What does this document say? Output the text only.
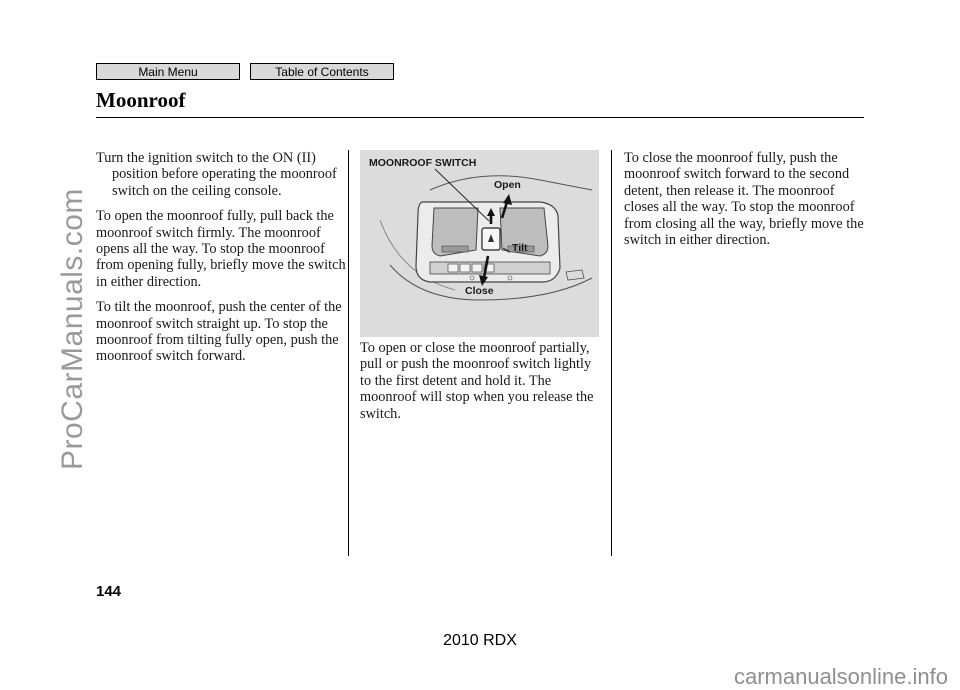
Main Menu	Table of Contents
Moonroof

Turn the ignition switch to the ON (II) position before operating the moonroof switch on the ceiling console.

To open the moonroof fully, pull back the moonroof switch firmly. The moonroof opens all the way. To stop the moonroof from opening fully, briefly move the switch in either direction.

To tilt the moonroof, push the center of the moonroof switch straight up. To stop the moonroof from tilting fully open, push the moonroof switch forward.

MOONROOF SWITCH
Open
Tilt
Close

To open or close the moonroof partially, pull or push the moonroof switch lightly to the first detent and hold it. The moonroof will stop when you release the switch.

To close the moonroof fully, push the moonroof switch forward to the second detent, then release it. The moonroof closes all the way. To stop the moonroof from closing all the way, briefly move the switch in either direction.

144
2010 RDX
ProCarManuals.com
carmanualsonline.info
